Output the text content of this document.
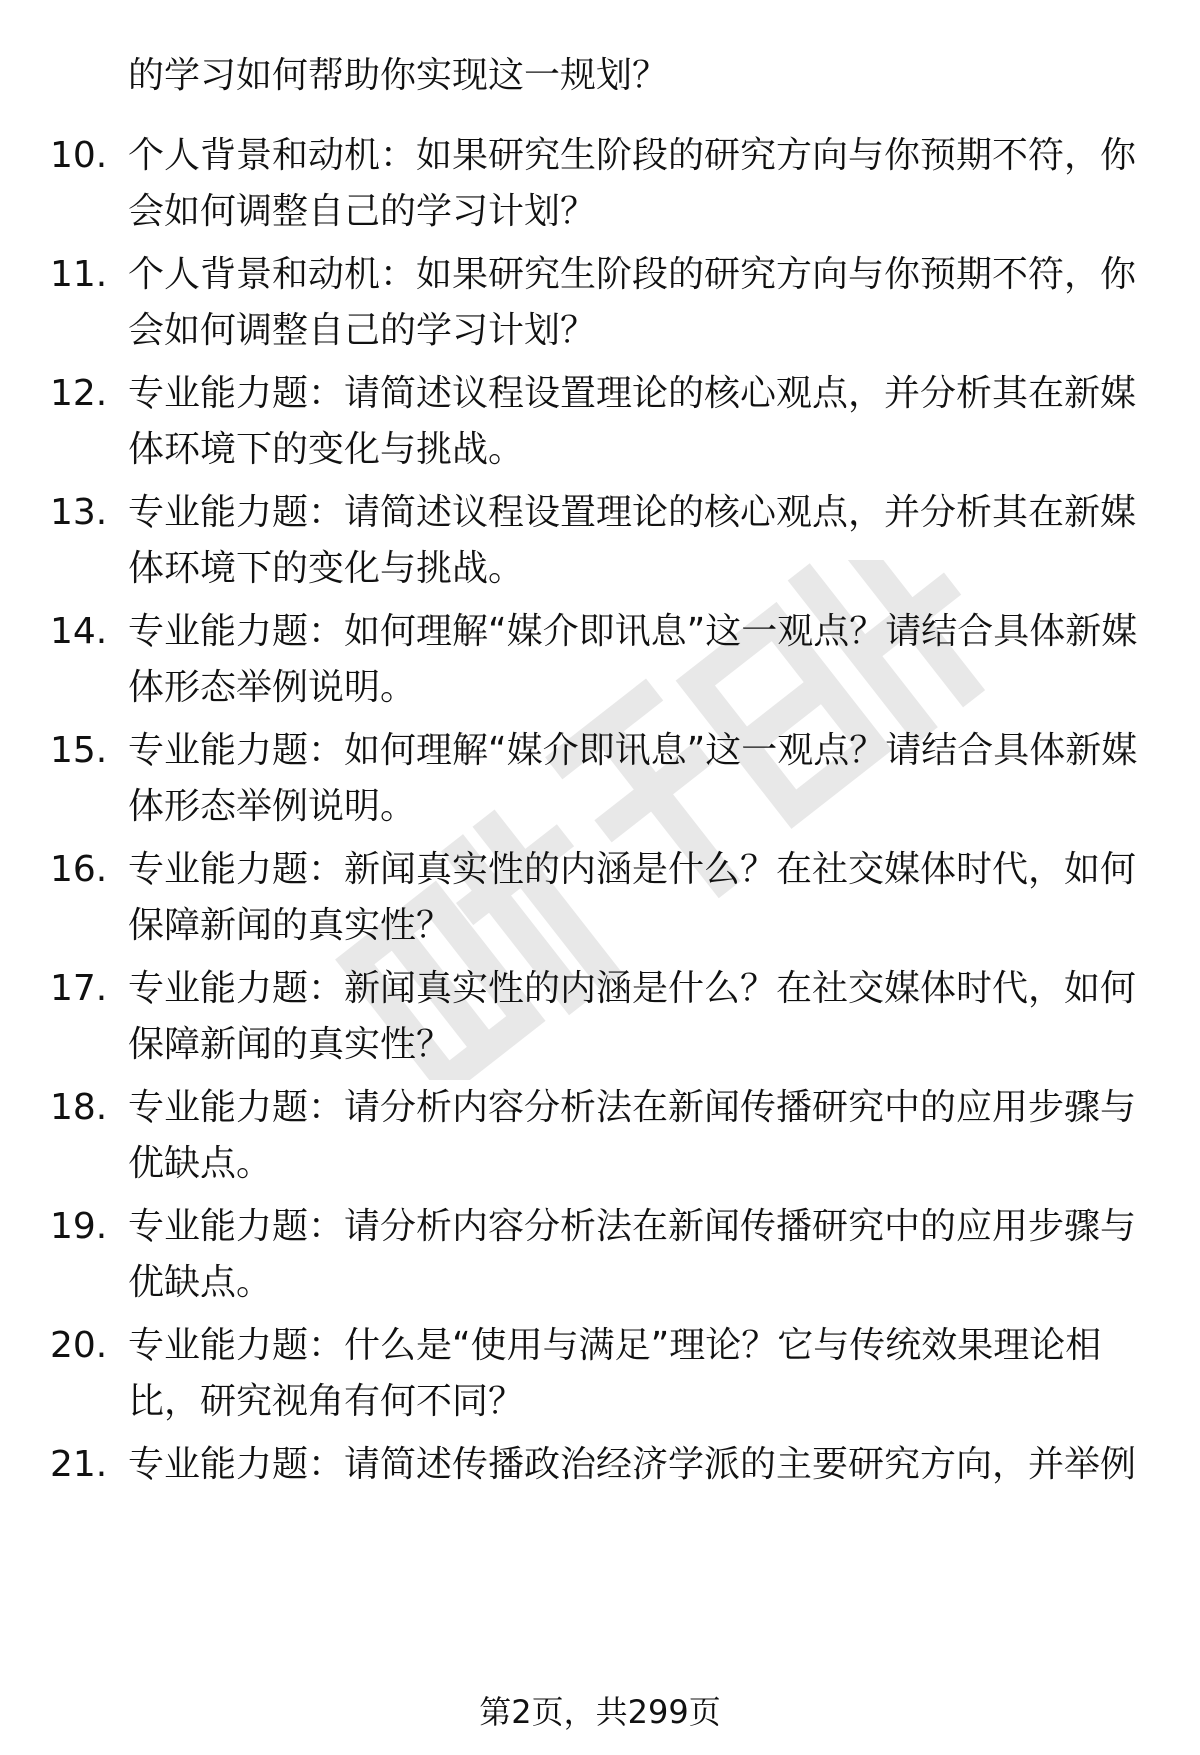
的学习如何帮助你实现这一规划？
10. 个人背景和动机：如果研究生阶段的研究方向与你预期不符，你会如何调整自己的学习计划？
11. 个人背景和动机：如果研究生阶段的研究方向与你预期不符，你会如何调整自己的学习计划？
12. 专业能力题：请简述议程设置理论的核心观点，并分析其在新媒体环境下的变化与挑战。
13. 专业能力题：请简述议程设置理论的核心观点，并分析其在新媒体环境下的变化与挑战。
14. 专业能力题：如何理解“媒介即讯息”这一观点？请结合具体新媒体形态举例说明。
15. 专业能力题：如何理解“媒介即讯息”这一观点？请结合具体新媒体形态举例说明。
16. 专业能力题：新闻真实性的内涵是什么？在社交媒体时代，如何保障新闻的真实性？
17. 专业能力题：新闻真实性的内涵是什么？在社交媒体时代，如何保障新闻的真实性？
18. 专业能力题：请分析内容分析法在新闻传播研究中的应用步骤与优缺点。
19. 专业能力题：请分析内容分析法在新闻传播研究中的应用步骤与优缺点。
20. 专业能力题：什么是“使用与满足”理论？它与传统效果理论相比，研究视角有何不同？
21. 专业能力题：请简述传播政治经济学派的主要研究方向，并举例
第2页，共299页
